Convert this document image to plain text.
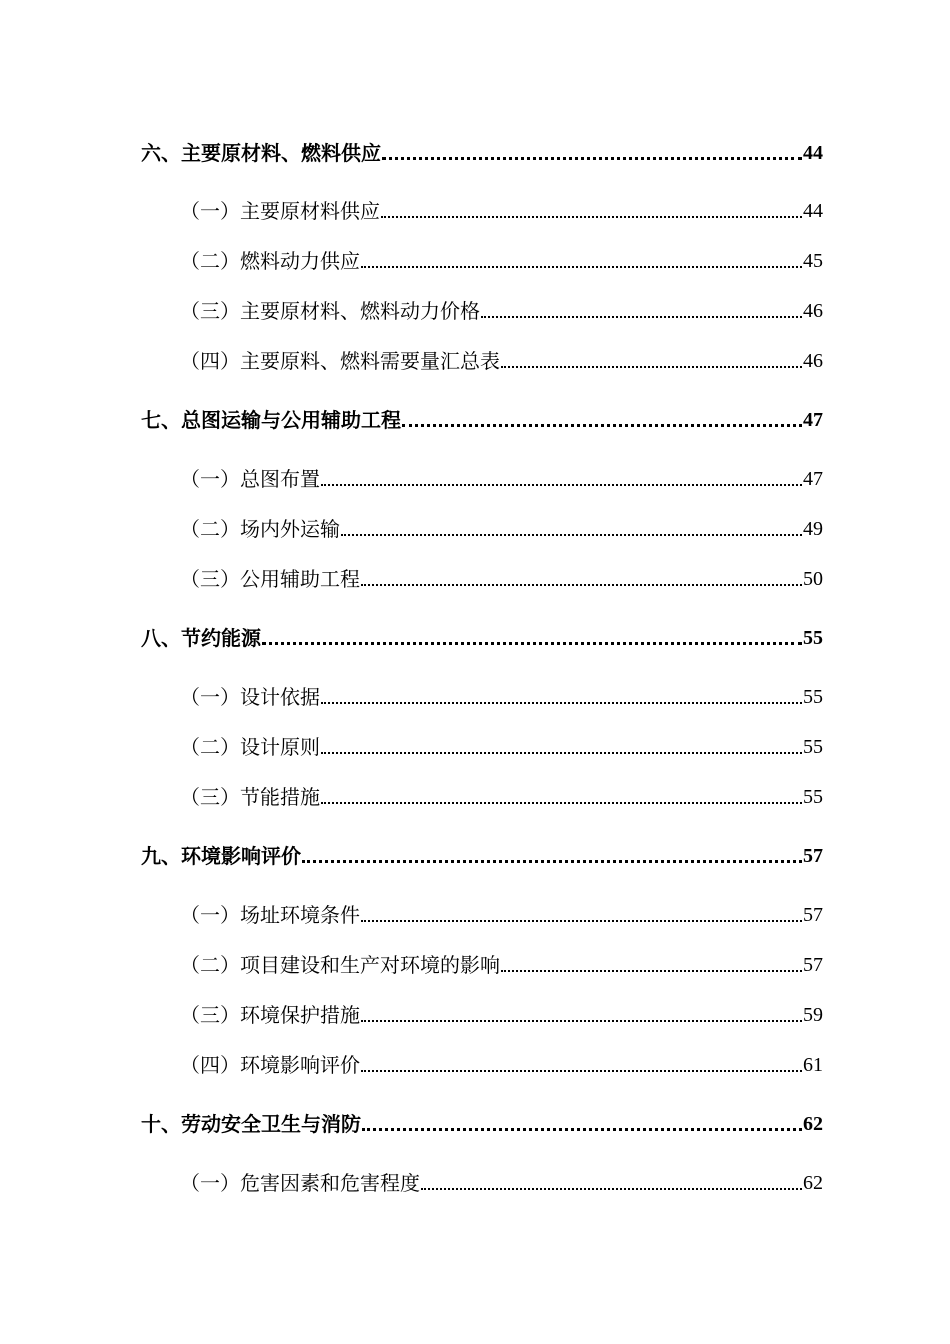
六、主要原材料、燃料供应	44
（一）主要原材料供应	44
（二）燃料动力供应	45
（三）主要原材料、燃料动力价格	46
（四）主要原料、燃料需要量汇总表	46
七、总图运输与公用辅助工程	47
（一）总图布置	47
（二）场内外运输	49
（三）公用辅助工程	50
八、节约能源	55
（一）设计依据	55
（二）设计原则	55
（三）节能措施	55
九、环境影响评价	57
（一）场址环境条件	57
（二）项目建设和生产对环境的影响	57
（三）环境保护措施	59
（四）环境影响评价	61
十、劳动安全卫生与消防	62
（一）危害因素和危害程度	62
